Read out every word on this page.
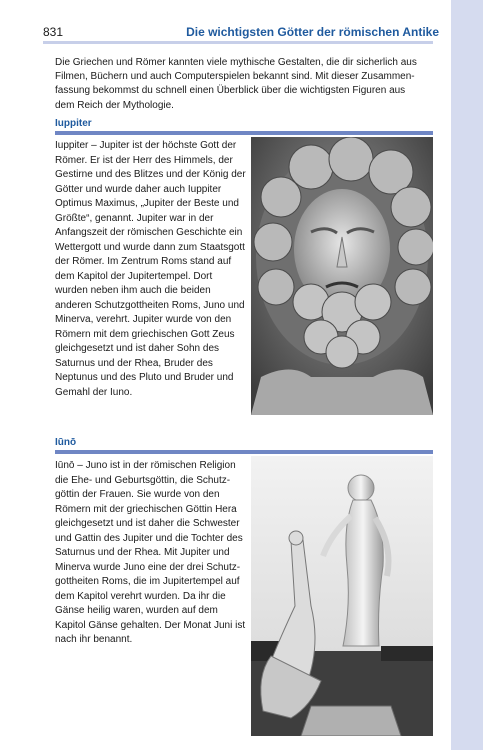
831	Die wichtigsten Götter der römischen Antike

Die Griechen und Römer kannten viele mythische Gestalten, die dir sicherlich aus Filmen, Büchern und auch Computerspielen bekannt sind. Mit dieser Zusammenfassung bekommst du schnell einen Überblick über die wichtigsten Figuren aus dem Reich der Mythologie.

Iuppiter

Iuppiter – Jupiter ist der höchste Gott der Römer. Er ist der Herr des Himmels, der Gestirne und des Blitzes und der König der Götter und wurde daher auch Iuppiter Optimus Maximus, „Jupiter der Beste und Größte“, genannt. Jupiter war in der Anfangszeit der römischen Geschichte ein Wettergott und wurde dann zum Staatsgott der Römer. Im Zentrum Roms stand auf dem Kapitol der Jupitertempel. Dort wurden neben ihm auch die beiden anderen Schutzgottheiten Roms, Juno und Minerva, verehrt. Jupiter wurde von den Römern mit dem griechischen Gott Zeus gleichgesetzt und ist daher Sohn des Saturnus und der Rhea, Bruder des Neptunus und des Pluto und Bruder und Gemahl der Iuno.

Iūnō

Iūnō – Juno ist in der römischen Religion die Ehe- und Geburtsgöttin, die Schutzgöttin der Frauen. Sie wurde von den Römern mit der griechischen Göttin Hera gleichgesetzt und ist daher die Schwester und Gattin des Jupiter und die Tochter des Saturnus und der Rhea. Mit Jupiter und Minerva wurde Juno eine der drei Schutzgottheiten Roms, die im Jupitertempel auf dem Kapitol verehrt wurden. Da ihr die Gänse heilig waren, wurden auf dem Kapitol Gänse gehalten. Der Monat Juni ist nach ihr benannt.
